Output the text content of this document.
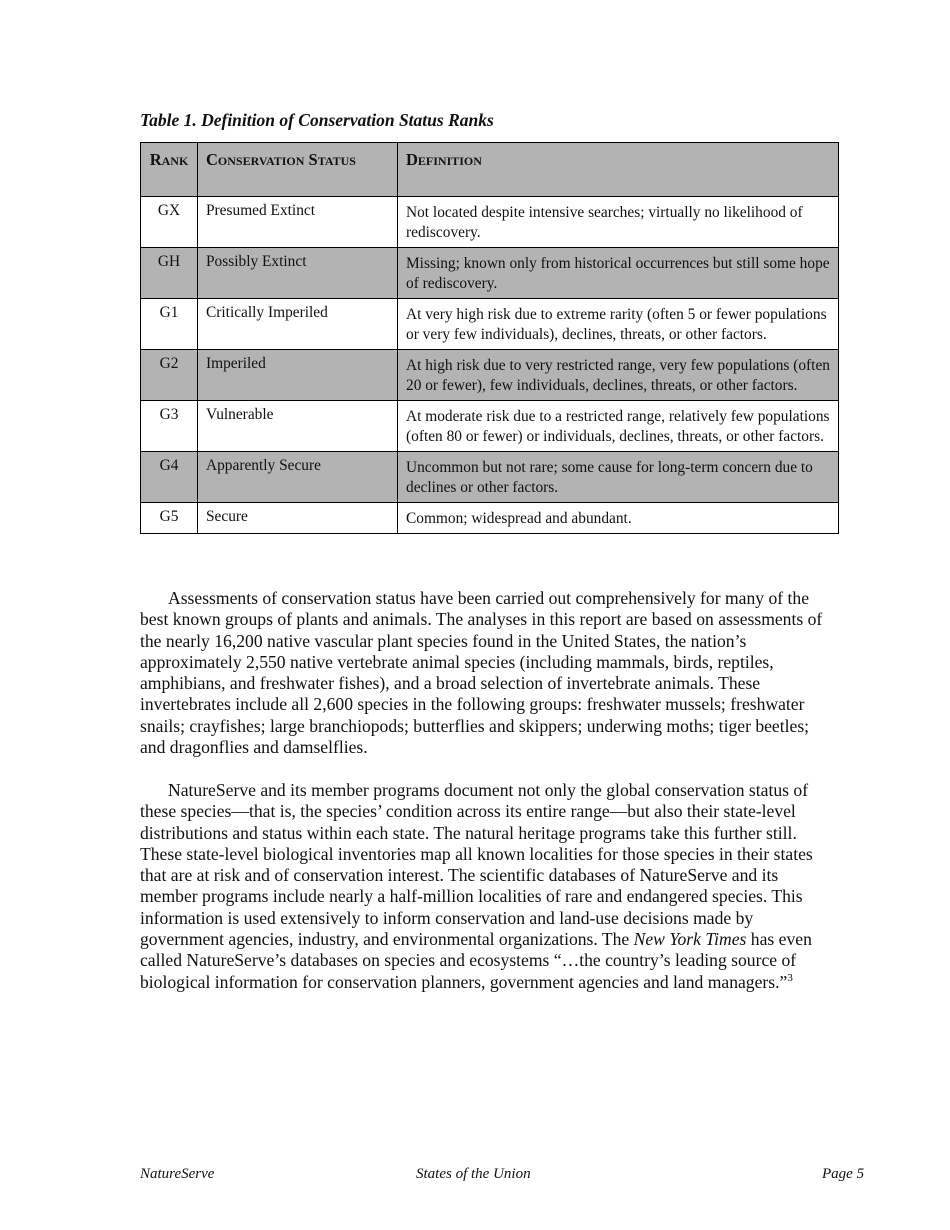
Table 1. Definition of Conservation Status Ranks
Rank	Conservation Status	Definition
GX	Presumed Extinct	Not located despite intensive searches; virtually no likelihood of rediscovery.
GH	Possibly Extinct	Missing; known only from historical occurrences but still some hope of rediscovery.
G1	Critically Imperiled	At very high risk due to extreme rarity (often 5 or fewer populations or very few individuals), declines, threats, or other factors.
G2	Imperiled	At high risk due to very restricted range, very few populations (often 20 or fewer), few individuals, declines, threats, or other factors.
G3	Vulnerable	At moderate risk due to a restricted range, relatively few populations (often 80 or fewer) or individuals, declines, threats, or other factors.
G4	Apparently Secure	Uncommon but not rare; some cause for long-term concern due to declines or other factors.
G5	Secure	Common; widespread and abundant.

Assessments of conservation status have been carried out comprehensively for many of the best known groups of plants and animals. The analyses in this report are based on assessments of the nearly 16,200 native vascular plant species found in the United States, the nation’s approximately 2,550 native vertebrate animal species (including mammals, birds, reptiles, amphibians, and freshwater fishes), and a broad selection of invertebrate animals. These invertebrates include all 2,600 species in the following groups: freshwater mussels; freshwater snails; crayfishes; large branchiopods; butterflies and skippers; underwing moths; tiger beetles; and dragonflies and damselflies.

NatureServe and its member programs document not only the global conservation status of these species—that is, the species’ condition across its entire range—but also their state-level distributions and status within each state. The natural heritage programs take this further still. These state-level biological inventories map all known localities for those species in their states that are at risk and of conservation interest. The scientific databases of NatureServe and its member programs include nearly a half-million localities of rare and endangered species. This information is used extensively to inform conservation and land-use decisions made by government agencies, industry, and environmental organizations. The New York Times has even called NatureServe’s databases on species and ecosystems “…the country’s leading source of biological information for conservation planners, government agencies and land managers.”$^3$

NatureServe	States of the Union	Page 5
